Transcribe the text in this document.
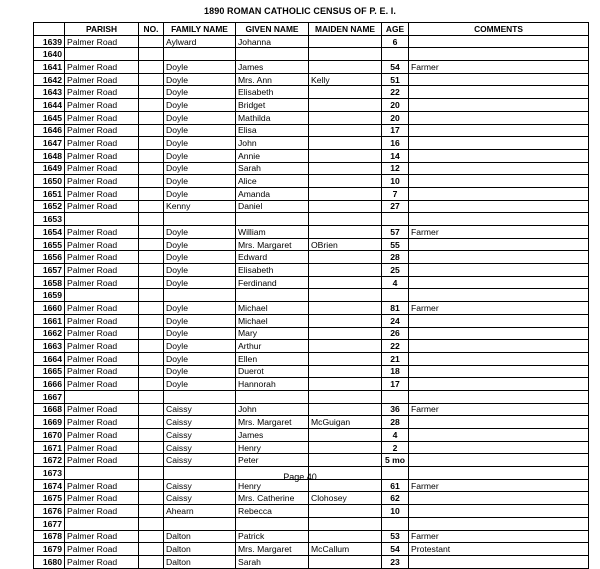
1890 ROMAN CATHOLIC CENSUS OF P. E. I.
	PARISH	NO.	FAMILY NAME	GIVEN NAME	MAIDEN NAME	AGE	COMMENTS
1639	Palmer Road		Aylward	Johanna		6	
1640							
1641	Palmer Road		Doyle	James		54	Farmer
1642	Palmer Road		Doyle	Mrs. Ann	Kelly	51	
1643	Palmer Road		Doyle	Elisabeth		22	
1644	Palmer Road		Doyle	Bridget		20	
1645	Palmer Road		Doyle	Mathilda		20	
1646	Palmer Road		Doyle	Elisa		17	
1647	Palmer Road		Doyle	John		16	
1648	Palmer Road		Doyle	Annie		14	
1649	Palmer Road		Doyle	Sarah		12	
1650	Palmer Road		Doyle	Alice		10	
1651	Palmer Road		Doyle	Amanda		7	
1652	Palmer Road		Kenny	Daniel		27	
1653							
1654	Palmer Road		Doyle	William		57	Farmer
1655	Palmer Road		Doyle	Mrs. Margaret	OBrien	55	
1656	Palmer Road		Doyle	Edward		28	
1657	Palmer Road		Doyle	Elisabeth		25	
1658	Palmer Road		Doyle	Ferdinand		4	
1659							
1660	Palmer Road		Doyle	Michael		81	Farmer
1661	Palmer Road		Doyle	Michael		24	
1662	Palmer Road		Doyle	Mary		26	
1663	Palmer Road		Doyle	Arthur		22	
1664	Palmer Road		Doyle	Ellen		21	
1665	Palmer Road		Doyle	Duerot		18	
1666	Palmer Road		Doyle	Hannorah		17	
1667							
1668	Palmer Road		Caissy	John		36	Farmer
1669	Palmer Road		Caissy	Mrs. Margaret	McGuigan	28	
1670	Palmer Road		Caissy	James		4	
1671	Palmer Road		Caissy	Henry		2	
1672	Palmer Road		Caissy	Peter		5 mo	
1673							
1674	Palmer Road		Caissy	Henry		61	Farmer
1675	Palmer Road		Caissy	Mrs. Catherine	Clohosey	62	
1676	Palmer Road		Ahearn	Rebecca		10	
1677							
1678	Palmer Road		Dalton	Patrick		53	Farmer
1679	Palmer Road		Dalton	Mrs. Margaret	McCallum	54	Protestant
1680	Palmer Road		Dalton	Sarah		23	
Page 40
